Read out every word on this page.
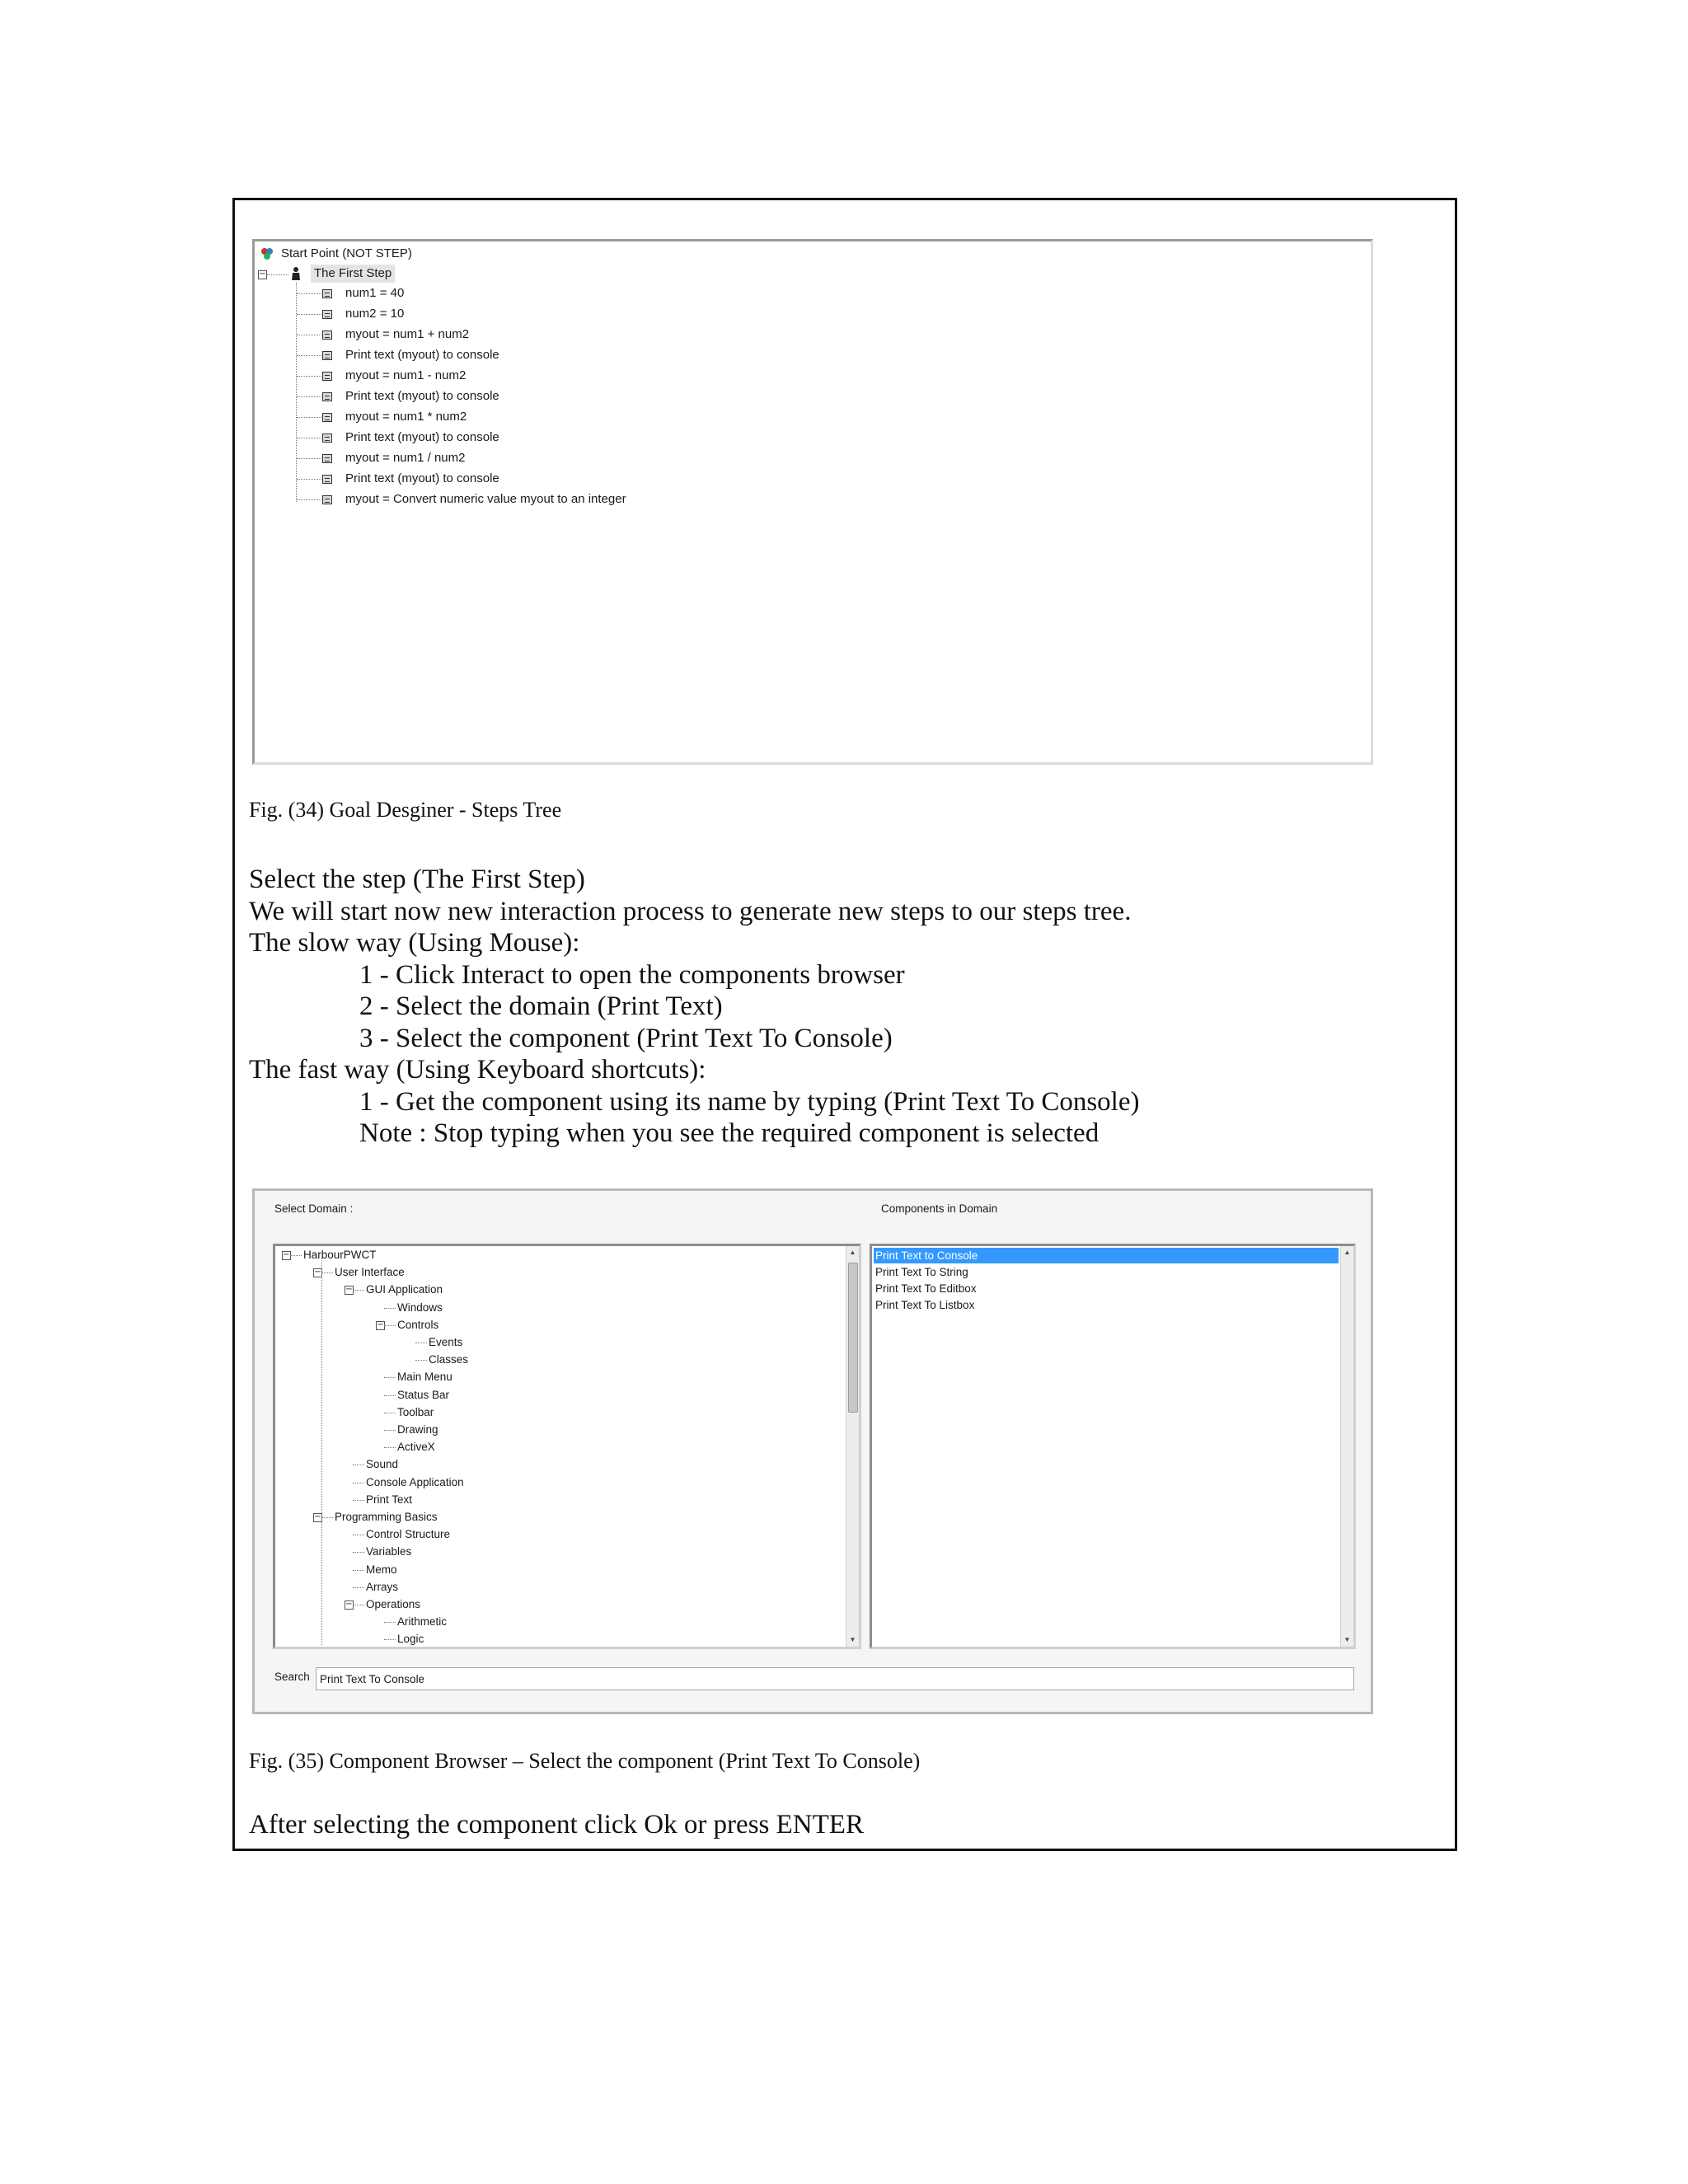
Start Point (NOT STEP)
−	The First Step
num1 = 40
num2 = 10
myout = num1 + num2
Print text (myout) to console
myout = num1 - num2
Print text (myout) to console
myout = num1 * num2
Print text (myout) to console
myout = num1 / num2
Print text (myout) to console
myout = Convert numeric value myout to an integer
Fig. (34) Goal Desginer - Steps Tree
Select the step (The First Step)
We will start now new interaction process to generate new steps to our steps tree.
The slow way (Using Mouse):
1 - Click Interact to open the components browser
2 - Select the domain (Print Text)
3 - Select the component (Print Text To Console)
The fast way (Using Keyboard shortcuts):
1 - Get the component using its name by typing (Print Text To Console)
Note : Stop typing when you see the required component is selected
Select Domain :	Components in Domain
− HarbourPWCT
− User Interface
− GUI Application
Windows
− Controls
Events
Classes
Main Menu
Status Bar
Toolbar
Drawing
ActiveX
Sound
Console Application
Print Text
− Programming Basics
Control Structure
Variables
Memo
Arrays
− Operations
Arithmetic
Logic
▲
▼
Print Text to Console
Print Text To String
Print Text To Editbox
Print Text To Listbox
▲
▼
Search
Print Text To Console
Fig. (35) Component Browser – Select the component (Print Text To Console)
After selecting the component click Ok or press ENTER
